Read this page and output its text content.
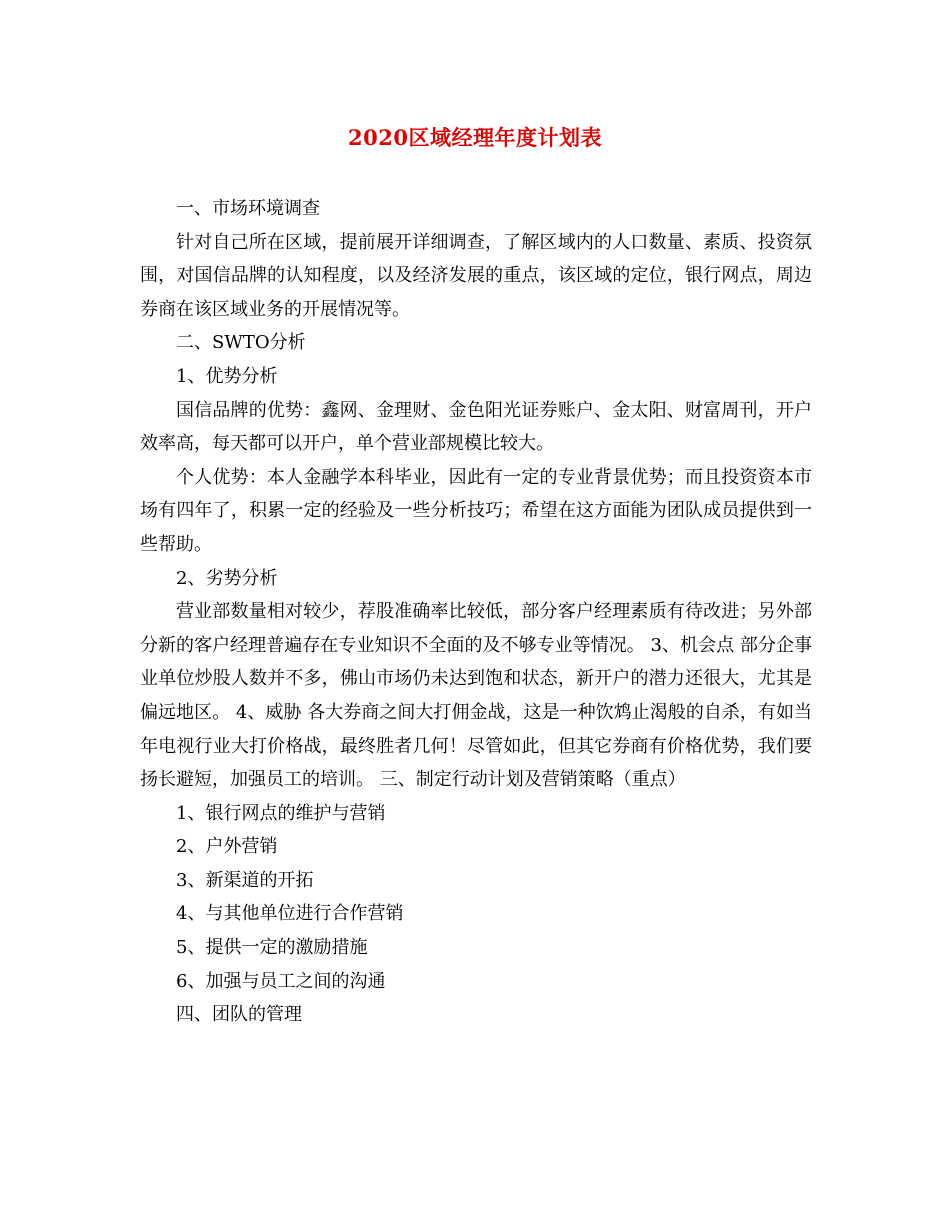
2020区域经理年度计划表

一、市场环境调查

针对自己所在区域，提前展开详细调查，了解区域内的人口数量、素质、投资氛围，对国信品牌的认知程度，以及经济发展的重点，该区域的定位，银行网点，周边券商在该区域业务的开展情况等。

二、SWTO分析

1、优势分析

国信品牌的优势：鑫网、金理财、金色阳光证券账户、金太阳、财富周刊，开户效率高，每天都可以开户，单个营业部规模比较大。

个人优势：本人金融学本科毕业，因此有一定的专业背景优势；而且投资资本市场有四年了，积累一定的经验及一些分析技巧；希望在这方面能为团队成员提供到一些帮助。

2、劣势分析

营业部数量相对较少，荐股准确率比较低，部分客户经理素质有待改进；另外部分新的客户经理普遍存在专业知识不全面的及不够专业等情况。 3、机会点 部分企事业单位炒股人数并不多，佛山市场仍未达到饱和状态，新开户的潜力还很大，尤其是偏远地区。 4、威胁 各大券商之间大打佣金战，这是一种饮鸩止渴般的自杀，有如当年电视行业大打价格战，最终胜者几何！尽管如此，但其它券商有价格优势，我们要扬长避短，加强员工的培训。 三、制定行动计划及营销策略（重点）

1、银行网点的维护与营销

2、户外营销

3、新渠道的开拓

4、与其他单位进行合作营销

5、提供一定的激励措施

6、加强与员工之间的沟通

四、团队的管理
